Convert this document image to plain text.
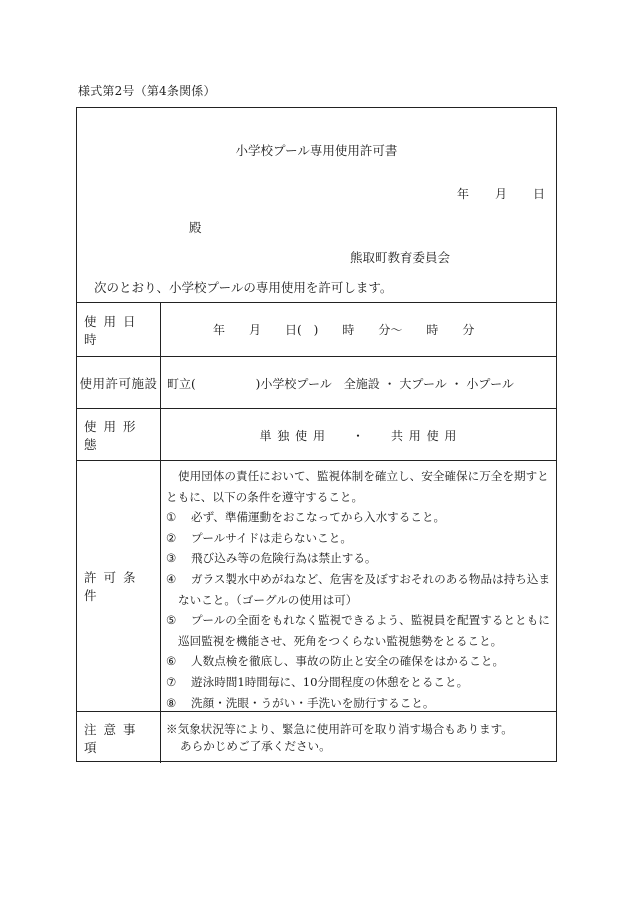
様式第2号（第4条関係）
小学校プール専用使用許可書
年 月 日
殿
熊取町教育委員会
次のとおり、小学校プールの専用使用を許可します。
使用日時
年　　月　　日(　)　　時　　分〜　　時　　分
使用許可施設 町立(　　　　　)小学校プール　全施設 ・ 大プール ・ 小プール
使用形態
単 独 使 用　　・　　共 用 使 用
許可条件

使用団体の責任において、監視体制を確立し、安全確保に万全を期すと

ともに、以下の条件を遵守すること。

① 必ず、準備運動をおこなってから入水すること。

② プールサイドは走らないこと。

③ 飛び込み等の危険行為は禁止する。

④ ガラス製水中めがねなど、危害を及ぼすおそれのある物品は持ち込ま

ないこと。（ゴーグルの使用は可）

⑤ プールの全面をもれなく監視できるよう、監視員を配置するとともに

巡回監視を機能させ、死角をつくらない監視態勢をとること。

⑥ 人数点検を徹底し、事故の防止と安全の確保をはかること。

⑦ 遊泳時間1時間毎に、10分間程度の休憩をとること。

⑧ 洗顔・洗眼・うがい・手洗いを励行すること。

注意事項

※気象状況等により、緊急に使用許可を取り消す場合もあります。

あらかじめご了承ください。
